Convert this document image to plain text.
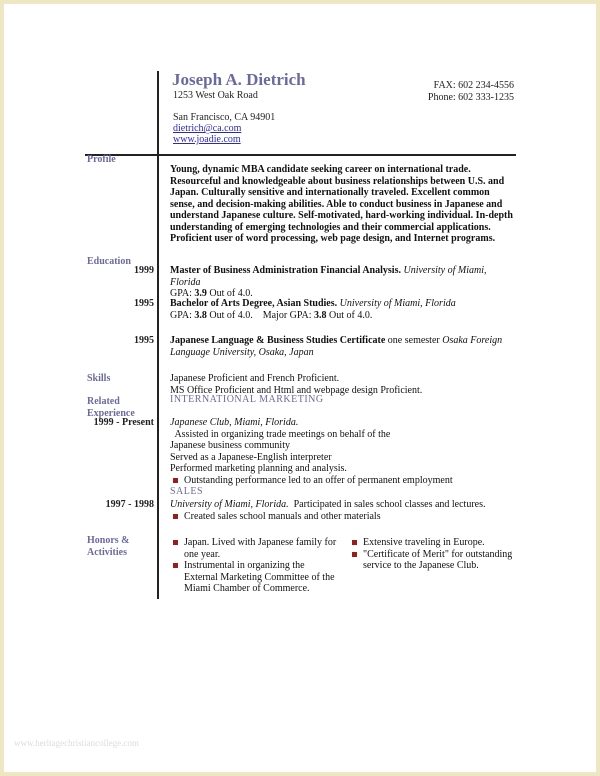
Joseph A. Dietrich
1253 West Oak Road
San Francisco, CA 94901
dietrich@ca.com
www.joadie.com
FAX: 602 234-4556
Phone: 602 333-1235
Profile
Young, dynamic MBA candidate seeking career on international trade. Resourceful and knowledgeable about business relationships between U.S. and Japan. Culturally sensitive and internationally traveled. Excellent common sense, and decision-making abilities. Able to conduct business in Japanese and understand Japanese culture. Self-motivated, hard-working individual. In-depth understanding of emerging technologies and their commercial applications. Proficient user of word processing, web page design, and Internet programs.
Education
1999 Master of Business Administration Financial Analysis. University of Miami, Florida
GPA: 3.9 Out of 4.0.
1995 Bachelor of Arts Degree, Asian Studies. University of Miami, Florida
GPA: 3.8 Out of 4.0.    Major GPA: 3.8 Out of 4.0.
1995 Japanese Language & Business Studies Certificate one semester Osaka Foreign Language University, Osaka, Japan
Skills	Japanese Proficient and French Proficient.
MS Office Proficient and Html and webpage design Proficient.
Related
Experience
INTERNATIONAL MARKETING
1999 - Present Japanese Club, Miami, Florida.  Assisted in organizing trade meetings on behalf of the
Japanese business community
Served as a Japanese-English interpreter
Performed marketing planning and analysis.
Outstanding performance led to an offer of permanent employment
SALES
1997 - 1998 University of Miami, Florida.  Participated in sales school classes and lectures.
Created sales school manuals and other materials
Honors &
Activities
Japan. Lived with Japanese family for one year.
Instrumental in organizing the External Marketing Committee of the Miami Chamber of Commerce.
Extensive traveling in Europe.
"Certificate of Merit" for outstanding service to the Japanese Club.
www.heritagechristiancollege.com
